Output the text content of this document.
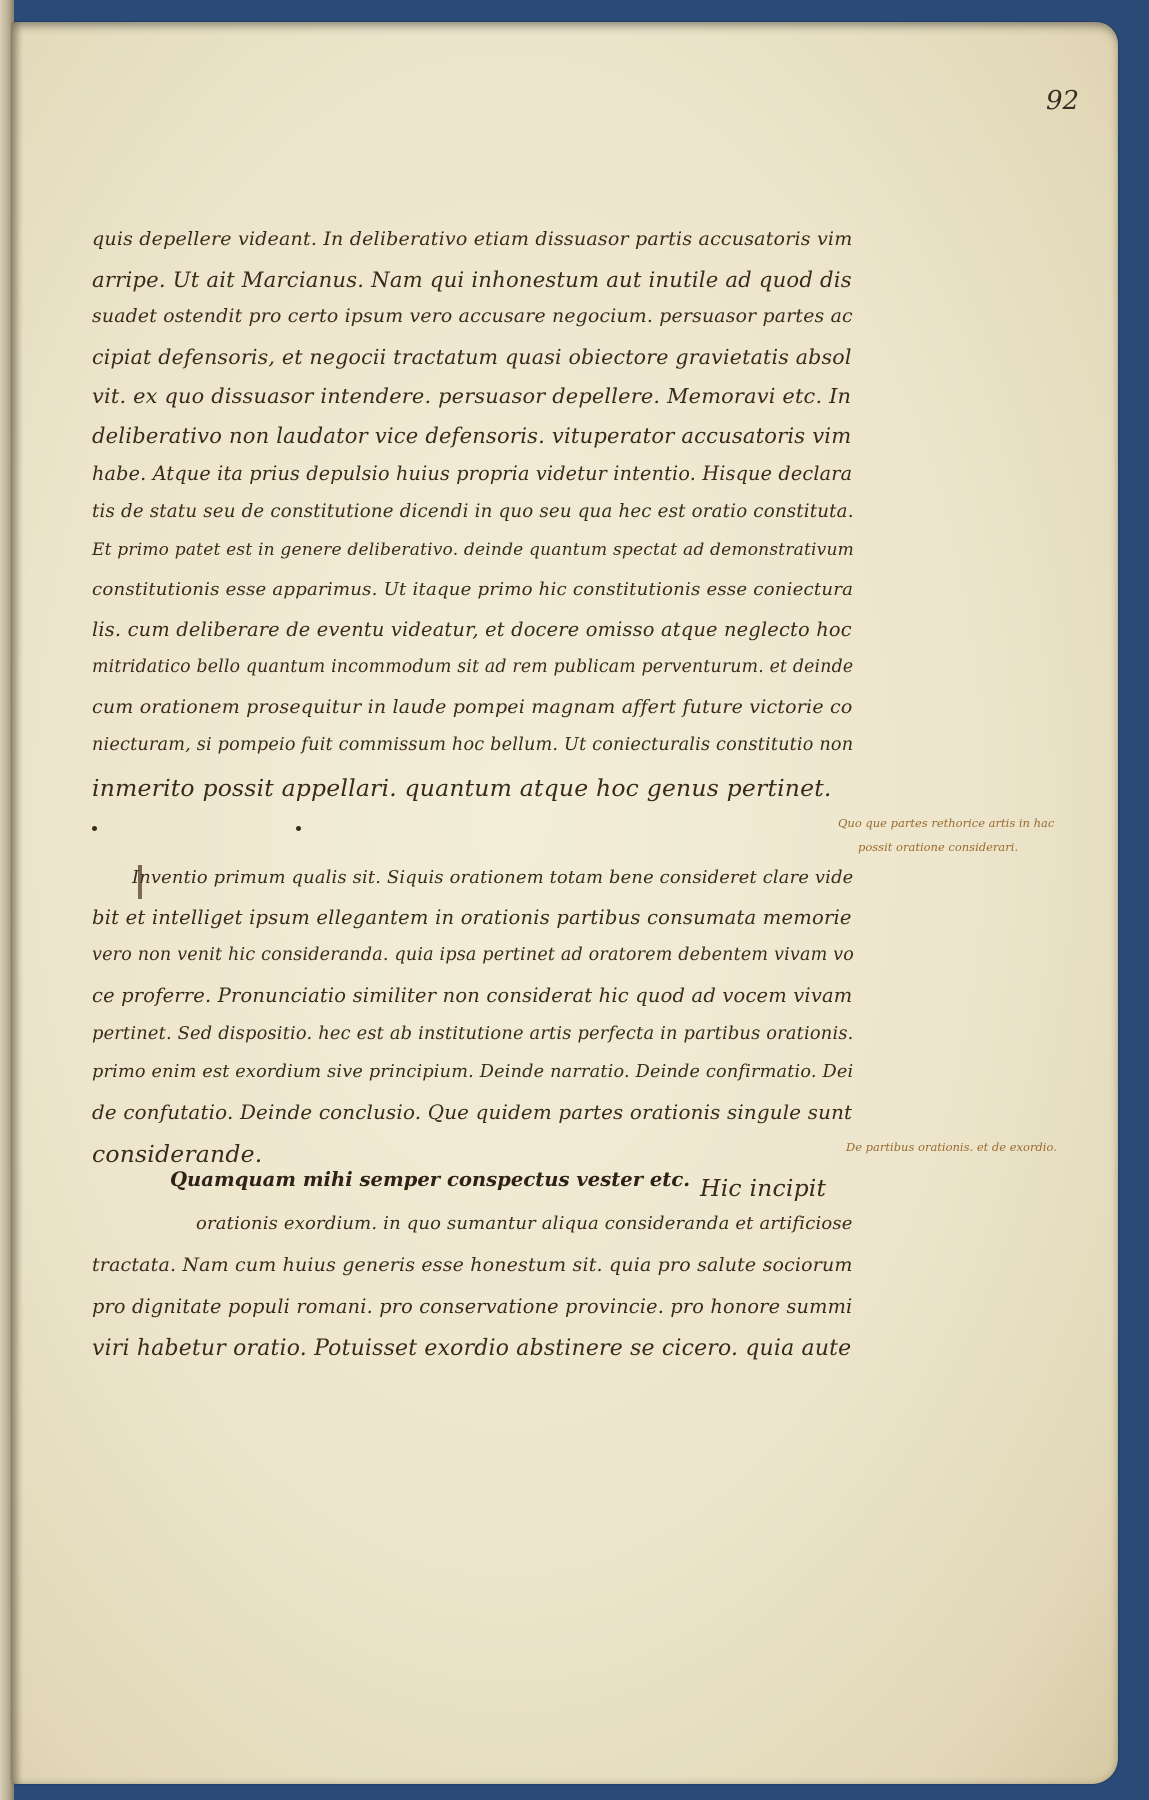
92
quis depellere videant. In deliberativo etiam dissuasor partis accusatoris vim
arripe. Ut ait Marcianus. Nam qui inhonestum aut inutile ad quod dis
suadet ostendit pro certo ipsum vero accusare negocium. persuasor partes ac
cipiat defensoris, et negocii tractatum quasi obiectore gravietatis absol
vit. ex quo dissuasor intendere. persuasor depellere. Memoravi etc. In
deliberativo non laudator vice defensoris. vituperator accusatoris vim
habe. Atque ita prius depulsio huius propria videtur intentio. Hisque declara
tis de statu seu de constitutione dicendi in quo seu qua hec est oratio constituta.
Et primo patet est in genere deliberativo. deinde quantum spectat ad demonstrativum
constitutionis esse apparimus. Ut itaque primo hic constitutionis esse coniectura
lis. cum deliberare de eventu videatur, et docere omisso atque neglecto hoc
mitridatico bello quantum incommodum sit ad rem publicam perventurum. et deinde
cum orationem prosequitur in laude pompei magnam affert future victorie co
niecturam, si pompeio fuit commissum hoc bellum. Ut coniecturalis constitutio non
inmerito possit appellari. quantum atque hoc genus pertinet.
Inventio primum qualis sit. Siquis orationem totam bene consideret clare vide
bit et intelliget ipsum ellegantem in orationis partibus consumata memorie
vero non venit hic consideranda. quia ipsa pertinet ad oratorem debentem vivam vo
ce proferre. Pronunciatio similiter non considerat hic quod ad vocem vivam
pertinet. Sed dispositio. hec est ab institutione artis perfecta in partibus orationis.
primo enim est exordium sive principium. Deinde narratio. Deinde confirmatio. Dei
de confutatio. Deinde conclusio. Que quidem partes orationis singule sunt
considerande.
Quamquam mihi semper conspectus vester etc. Hic incipit
orationis exordium. in quo sumantur aliqua consideranda et artificiose
tractata. Nam cum huius generis esse honestum sit. quia pro salute sociorum
pro dignitate populi romani. pro conservatione provincie. pro honore summi
viri habetur oratio. Potuisset exordio abstinere se cicero. quia aute
Quo que partes rethorice artis in hac
possit oratione considerari.
De partibus orationis. et de exordio.
